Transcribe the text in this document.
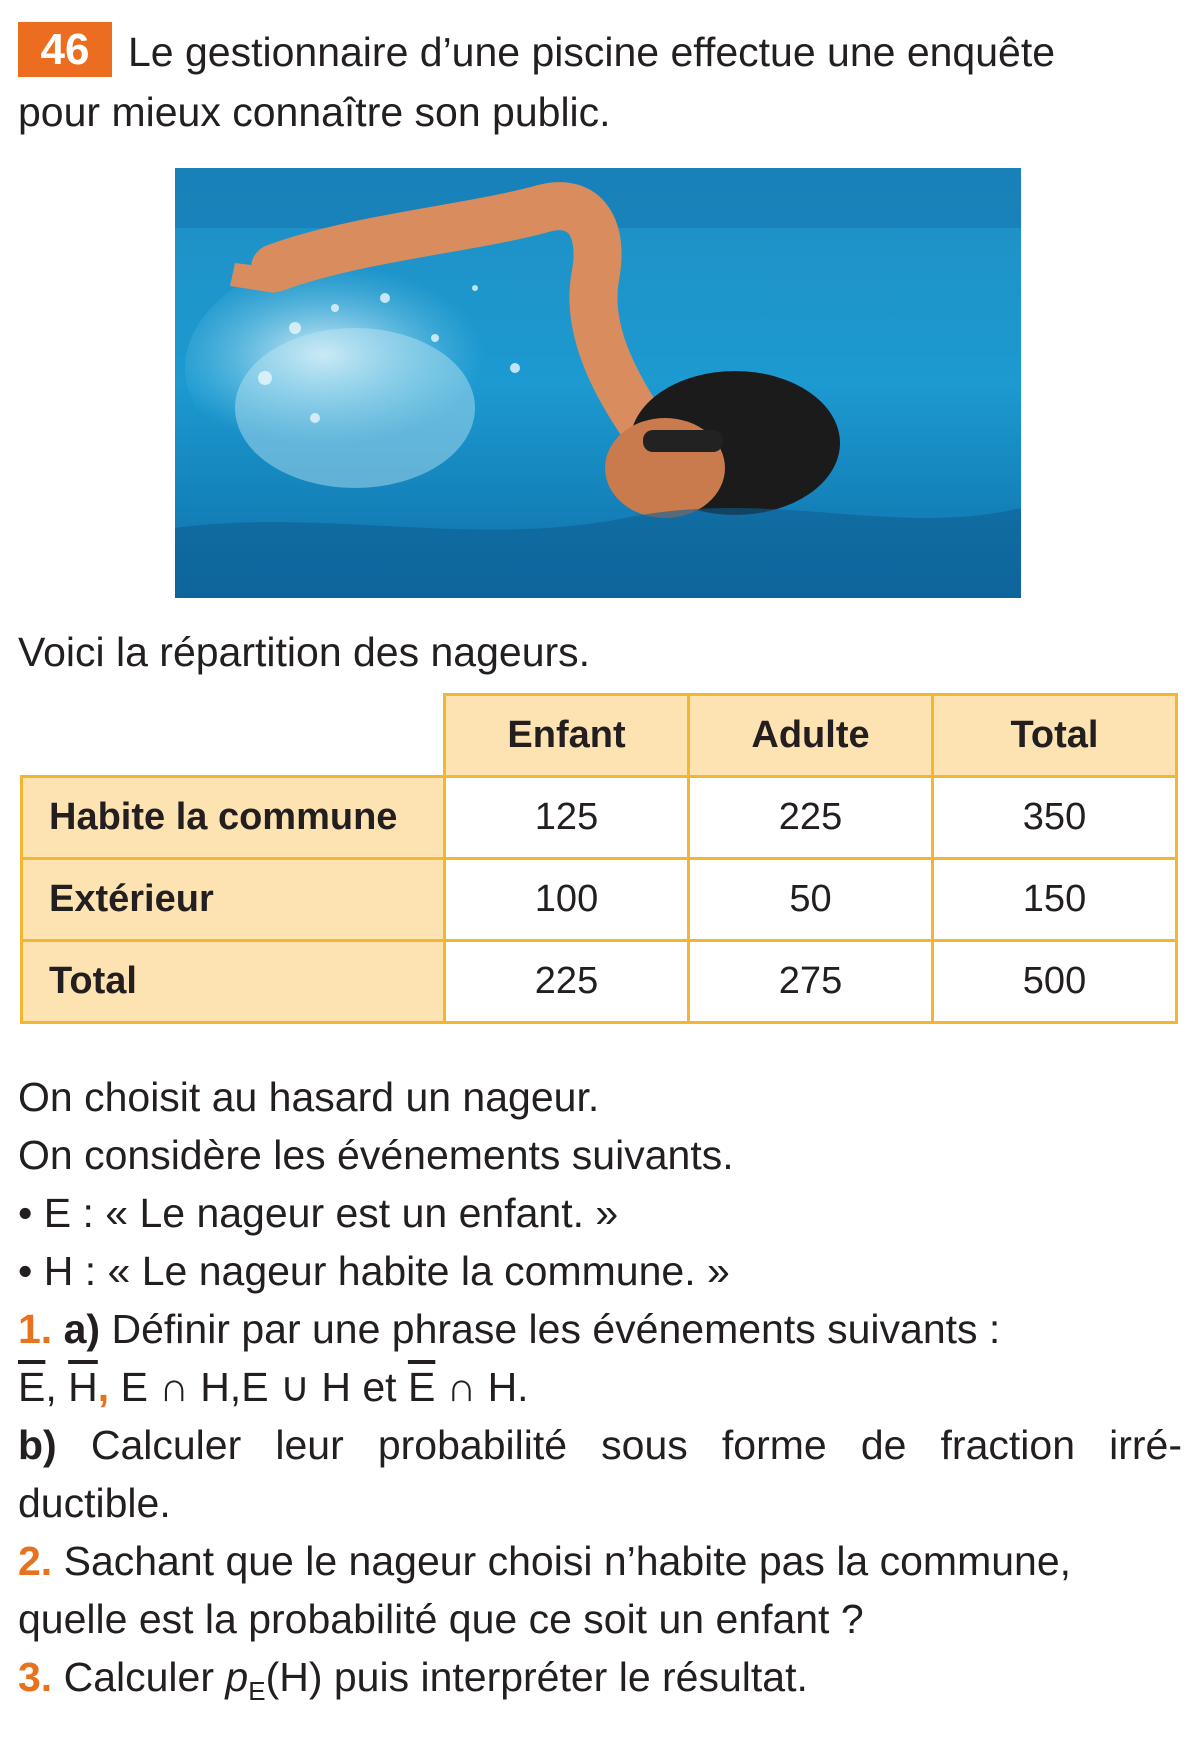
46 Le gestionnaire d’une piscine effectue une enquête
pour mieux connaître son public.
Voici la répartition des nageurs.
	Enfant	Adulte	Total
Habite la commune	125	225	350
Extérieur	100	50	150
Total	225	275	500
On choisit au hasard un nageur.
On considère les événements suivants.
• E : « Le nageur est un enfant. »
• H : « Le nageur habite la commune. »
1. a) Définir par une phrase les événements suivants :
$\overline{E}$, $\overline{H}$, E ∩ H,E ∪ H et $\overline{E}$ ∩ H.
b) Calculer leur probabilité sous forme de fraction irré-
ductible.
2. Sachant que le nageur choisi n’habite pas la commune,
quelle est la probabilité que ce soit un enfant ?
3. Calculer $p_E(H)$ puis interpréter le résultat.
